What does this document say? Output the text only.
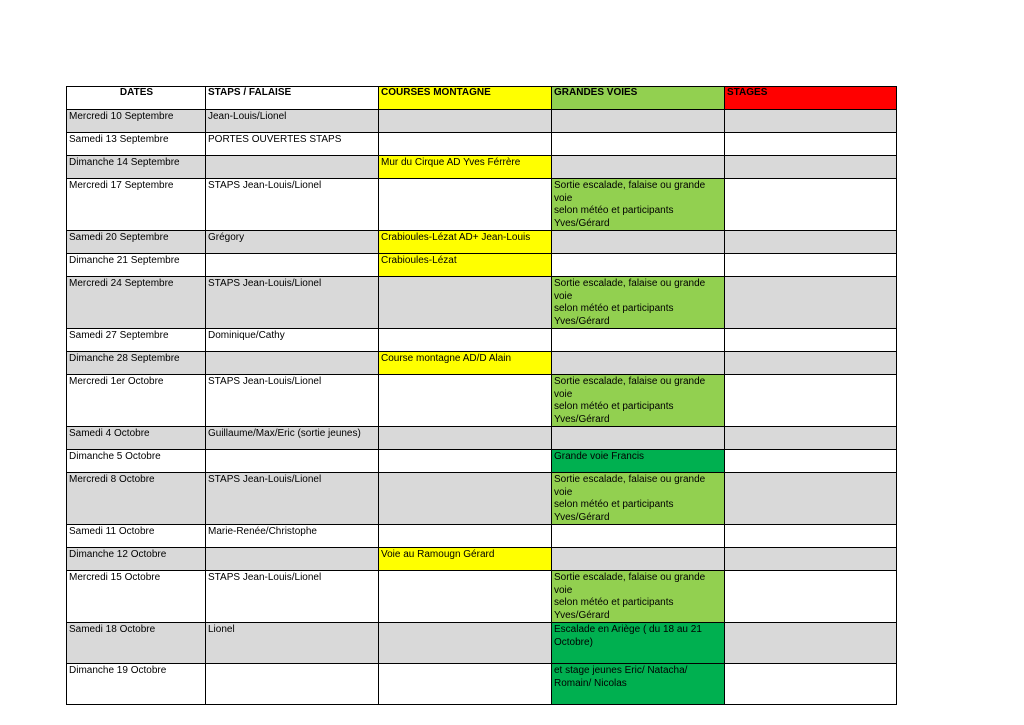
DATES	STAPS / FALAISE	COURSES MONTAGNE	GRANDES VOIES	STAGES
Mercredi 10 Septembre	Jean-Louis/Lionel			
Samedi 13 Septembre	PORTES OUVERTES STAPS			
Dimanche 14 Septembre		Mur du Cirque AD Yves Férrère		
Mercredi 17 Septembre	STAPS Jean-Louis/Lionel		Sortie escalade, falaise ou grande voie
selon météo et participants
Yves/Gérard	
Samedi 20 Septembre	Grégory	Crabioules-Lézat AD+ Jean-Louis		
Dimanche 21 Septembre		Crabioules-Lézat		
Mercredi 24 Septembre	STAPS Jean-Louis/Lionel		Sortie escalade, falaise ou grande voie
selon météo et participants
Yves/Gérard	
Samedi 27 Septembre	Dominique/Cathy			
Dimanche 28 Septembre		Course montagne AD/D Alain		
Mercredi 1er Octobre	STAPS Jean-Louis/Lionel		Sortie escalade, falaise ou grande voie
selon météo et participants
Yves/Gérard	
Samedi 4 Octobre	Guillaume/Max/Eric (sortie jeunes)			
Dimanche 5 Octobre			Grande voie Francis	
Mercredi 8 Octobre	STAPS Jean-Louis/Lionel		Sortie escalade, falaise ou grande voie
selon météo et participants
Yves/Gérard	
Samedi 11 Octobre	Marie-Renée/Christophe			
Dimanche 12 Octobre		Voie au Ramougn Gérard		
Mercredi 15 Octobre	STAPS Jean-Louis/Lionel		Sortie escalade, falaise ou grande voie
selon météo et participants
Yves/Gérard	
Samedi 18 Octobre	Lionel		Escalade en Ariège ( du 18 au 21
Octobre)	
Dimanche 19 Octobre			et stage jeunes Eric/ Natacha/
Romain/ Nicolas	
